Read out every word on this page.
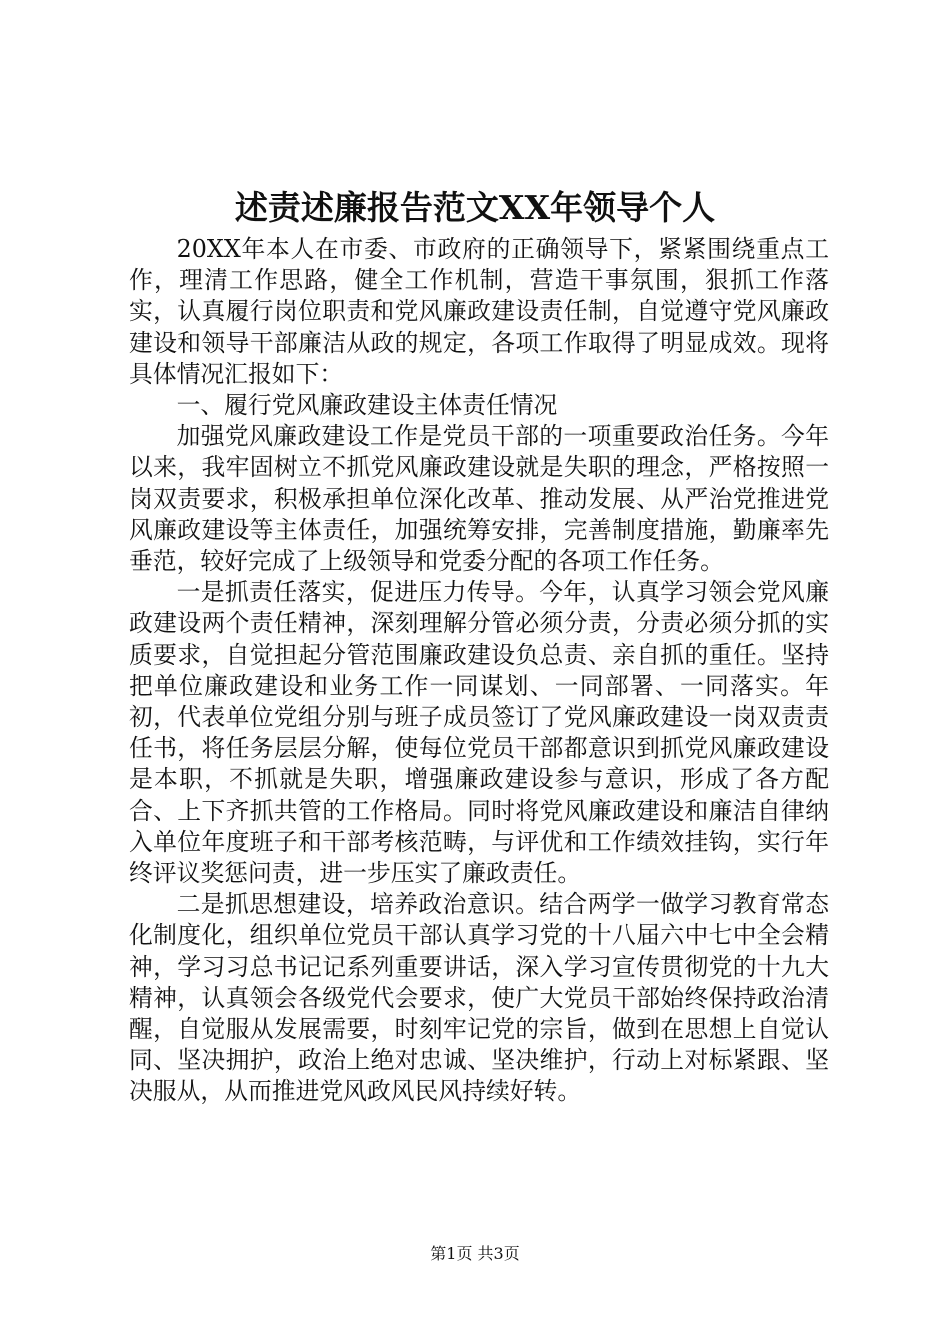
述责述廉报告范文XX年领导个人

20XX年本人在市委、市政府的正确领导下，紧紧围绕重点工作，理清工作思路，健全工作机制，营造干事氛围，狠抓工作落实，认真履行岗位职责和党风廉政建设责任制，自觉遵守党风廉政建设和领导干部廉洁从政的规定，各项工作取得了明显成效。现将具体情况汇报如下：

一、履行党风廉政建设主体责任情况

加强党风廉政建设工作是党员干部的一项重要政治任务。今年以来，我牢固树立不抓党风廉政建设就是失职的理念，严格按照一岗双责要求，积极承担单位深化改革、推动发展、从严治党推进党风廉政建设等主体责任，加强统筹安排，完善制度措施，勤廉率先垂范，较好完成了上级领导和党委分配的各项工作任务。

一是抓责任落实，促进压力传导。今年，认真学习领会党风廉政建设两个责任精神，深刻理解分管必须分责，分责必须分抓的实质要求，自觉担起分管范围廉政建设负总责、亲自抓的重任。坚持把单位廉政建设和业务工作一同谋划、一同部署、一同落实。年初，代表单位党组分别与班子成员签订了党风廉政建设一岗双责责任书，将任务层层分解，使每位党员干部都意识到抓党风廉政建设是本职，不抓就是失职，增强廉政建设参与意识，形成了各方配合、上下齐抓共管的工作格局。同时将党风廉政建设和廉洁自律纳入单位年度班子和干部考核范畴，与评优和工作绩效挂钩，实行年终评议奖惩问责，进一步压实了廉政责任。

二是抓思想建设，培养政治意识。结合两学一做学习教育常态化制度化，组织单位党员干部认真学习党的十八届六中七中全会精神，学习习总书记记系列重要讲话，深入学习宣传贯彻党的十九大精神，认真领会各级党代会要求，使广大党员干部始终保持政治清醒，自觉服从发展需要，时刻牢记党的宗旨，做到在思想上自觉认同、坚决拥护，政治上绝对忠诚、坚决维护，行动上对标紧跟、坚决服从，从而推进党风政风民风持续好转。

第1页 共3页
